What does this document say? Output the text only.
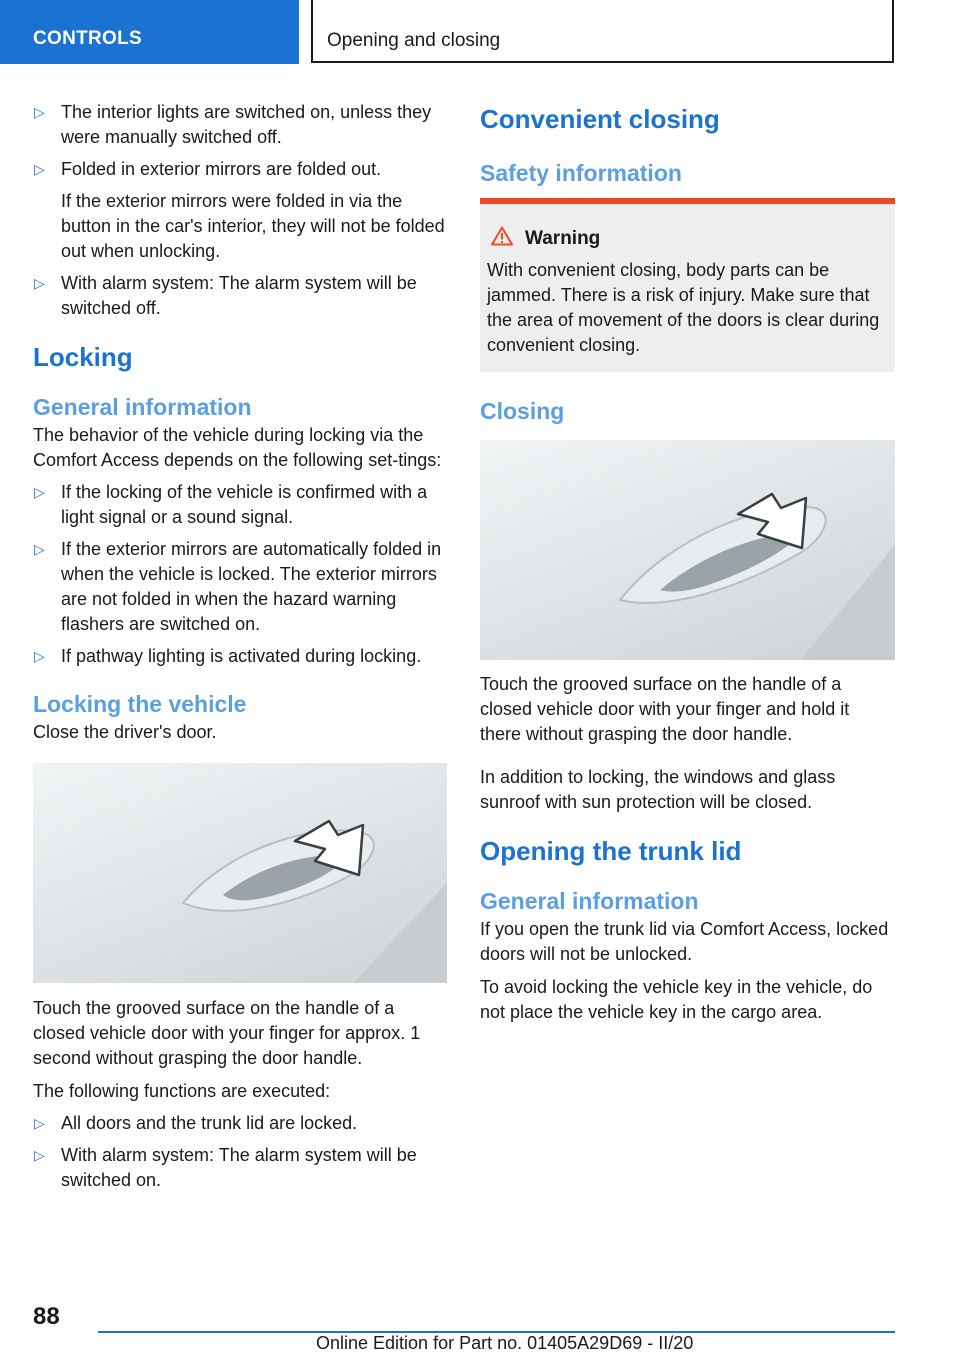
CONTROLS	Opening and closing
▷ The interior lights are switched on, unless they were manually switched off.
▷ Folded in exterior mirrors are folded out.
If the exterior mirrors were folded in via the button in the car's interior, they will not be folded out when unlocking.
▷ With alarm system: The alarm system will be switched off.
Locking
General information

The behavior of the vehicle during locking via the Comfort Access depends on the following set-tings:

▷ If the locking of the vehicle is confirmed with a light signal or a sound signal.
▷ If the exterior mirrors are automatically folded in when the vehicle is locked. The exterior mirrors are not folded in when the hazard warning flashers are switched on.
▷ If pathway lighting is activated during locking.
Locking the vehicle

Close the driver's door.

Touch the grooved surface on the handle of a closed vehicle door with your finger for approx. 1 second without grasping the door handle.

The following functions are executed:

▷ All doors and the trunk lid are locked.
▷ With alarm system: The alarm system will be switched on.
Convenient closing
Safety information
Warning

With convenient closing, body parts can be jammed. There is a risk of injury. Make sure that the area of movement of the doors is clear during convenient closing.

Closing

Touch the grooved surface on the handle of a closed vehicle door with your finger and hold it there without grasping the door handle.

In addition to locking, the windows and glass sunroof with sun protection will be closed.

Opening the trunk lid
General information

If you open the trunk lid via Comfort Access, locked doors will not be unlocked.

To avoid locking the vehicle key in the vehicle, do not place the vehicle key in the cargo area.

88
Online Edition for Part no. 01405A29D69 - II/20
